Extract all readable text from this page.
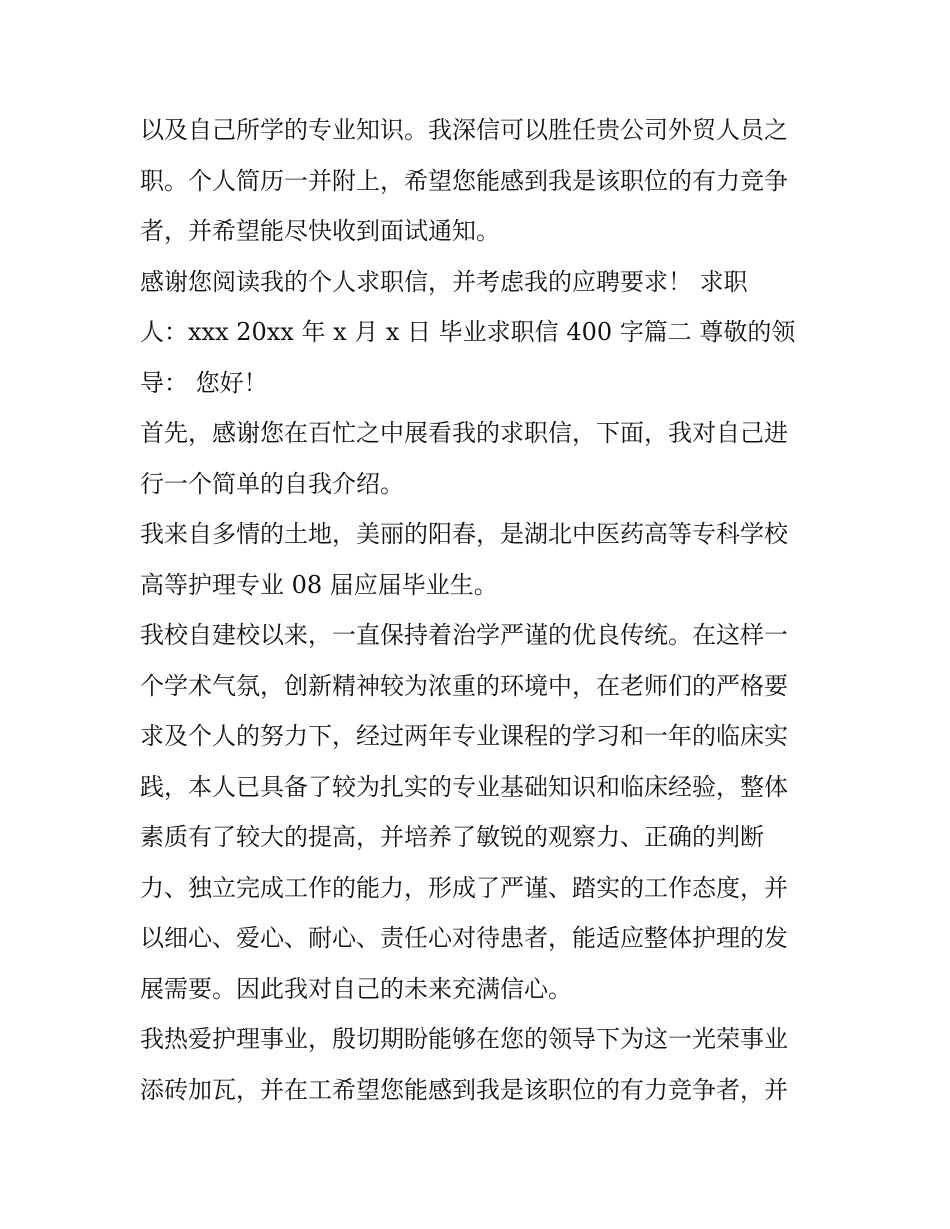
以及自己所学的专业知识。我深信可以胜任贵公司外贸人员之
职。个人简历一并附上，希望您能感到我是该职位的有力竞争
者，并希望能尽快收到面试通知。
感谢您阅读我的个人求职信，并考虑我的应聘要求！ 求职
人：xxx 20xx 年 x 月 x 日 毕业求职信 400 字篇二 尊敬的领
导： 您好！
首先，感谢您在百忙之中展看我的求职信，下面，我对自己进
行一个简单的自我介绍。
我来自多情的土地，美丽的阳春，是湖北中医药高等专科学校
高等护理专业 08 届应届毕业生。
我校自建校以来，一直保持着治学严谨的优良传统。在这样一
个学术气氛，创新精神较为浓重的环境中，在老师们的严格要
求及个人的努力下，经过两年专业课程的学习和一年的临床实
践，本人已具备了较为扎实的专业基础知识和临床经验，整体
素质有了较大的提高，并培养了敏锐的观察力、正确的判断
力、独立完成工作的能力，形成了严谨、踏实的工作态度，并
以细心、爱心、耐心、责任心对待患者，能适应整体护理的发
展需要。因此我对自己的未来充满信心。
我热爱护理事业，殷切期盼能够在您的领导下为这一光荣事业
添砖加瓦，并在工希望您能感到我是该职位的有力竞争者，并
